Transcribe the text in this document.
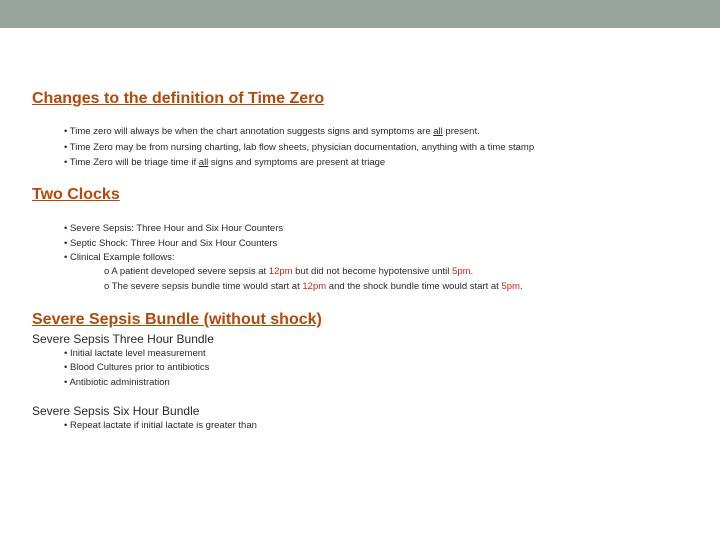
Changes to the definition of Time Zero
• Time zero will always be when the chart annotation suggests signs and symptoms are all present.
• Time Zero may be from nursing charting, lab flow sheets, physician documentation, anything with a time stamp
• Time Zero will be triage time if all signs and symptoms are present at triage
Two Clocks
• Severe Sepsis: Three Hour and Six Hour Counters
• Septic Shock: Three Hour and Six Hour Counters
• Clinical Example follows:
o A patient developed severe sepsis at 12pm but did not become hypotensive until 5pm.
o The severe sepsis bundle time would start at 12pm and the shock bundle time would start at 5pm.
Severe Sepsis Bundle (without shock)
Severe Sepsis Three Hour Bundle
• Initial lactate level measurement
• Blood Cultures prior to antibiotics
• Antibiotic administration
Severe Sepsis Six Hour Bundle
• Repeat lactate if initial lactate is greater than
